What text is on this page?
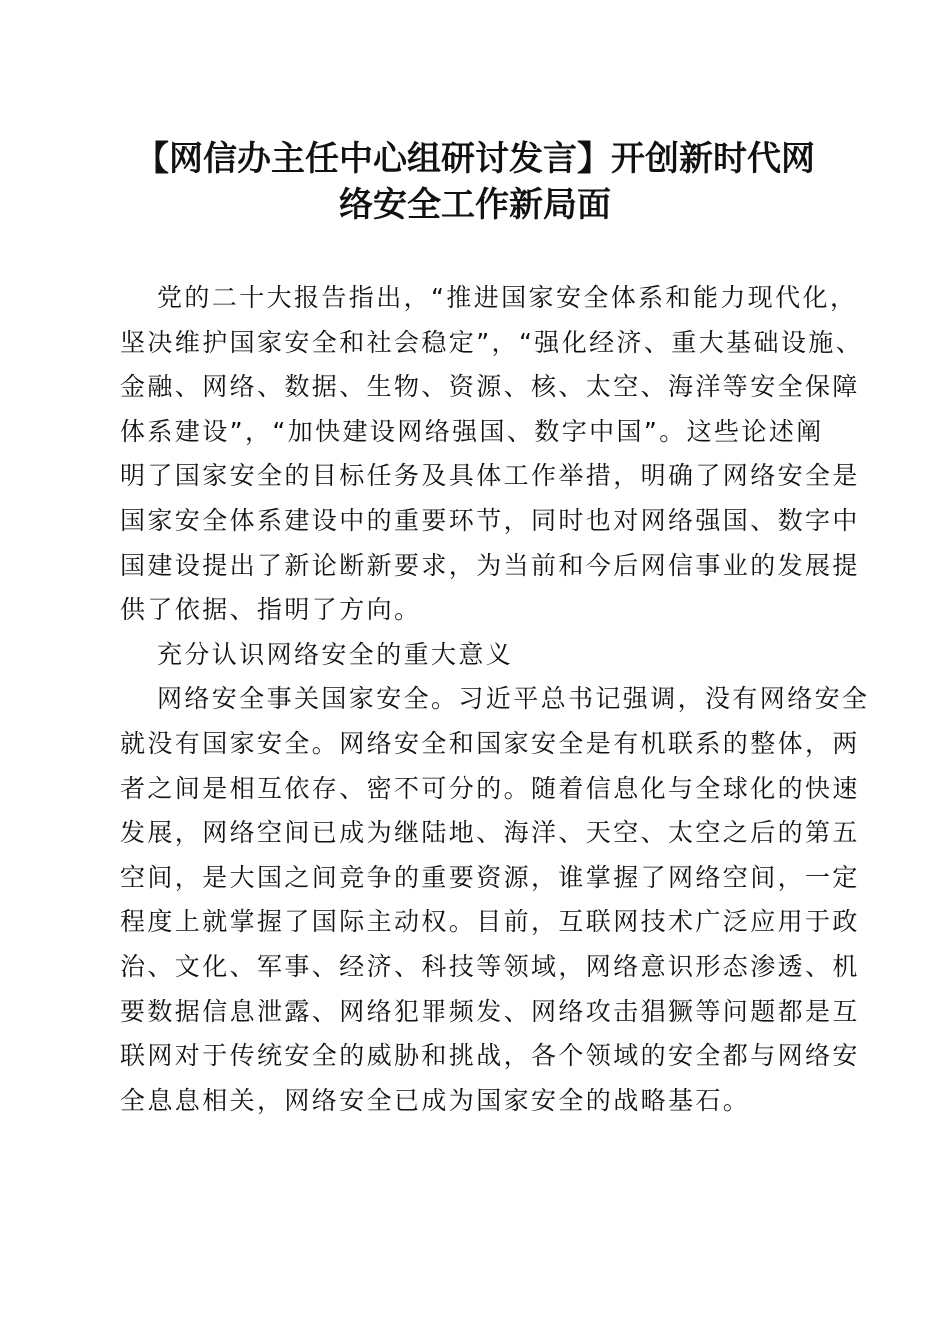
【网信办主任中心组研讨发言】开创新时代网
络安全工作新局面

党的二十大报告指出，“推进国家安全体系和能力现代化，
坚决维护国家安全和社会稳定”，“强化经济、重大基础设施、
金融、网络、数据、生物、资源、核、太空、海洋等安全保障
体系建设”，“加快建设网络强国、数字中国”。这些论述阐
明了国家安全的目标任务及具体工作举措，明确了网络安全是
国家安全体系建设中的重要环节，同时也对网络强国、数字中
国建设提出了新论断新要求，为当前和今后网信事业的发展提
供了依据、指明了方向。

充分认识网络安全的重大意义

网络安全事关国家安全。习近平总书记强调，没有网络安全
就没有国家安全。网络安全和国家安全是有机联系的整体，两
者之间是相互依存、密不可分的。随着信息化与全球化的快速
发展，网络空间已成为继陆地、海洋、天空、太空之后的第五
空间，是大国之间竞争的重要资源，谁掌握了网络空间，一定
程度上就掌握了国际主动权。目前，互联网技术广泛应用于政
治、文化、军事、经济、科技等领域，网络意识形态渗透、机
要数据信息泄露、网络犯罪频发、网络攻击猖獗等问题都是互
联网对于传统安全的威胁和挑战，各个领域的安全都与网络安
全息息相关，网络安全已成为国家安全的战略基石。
